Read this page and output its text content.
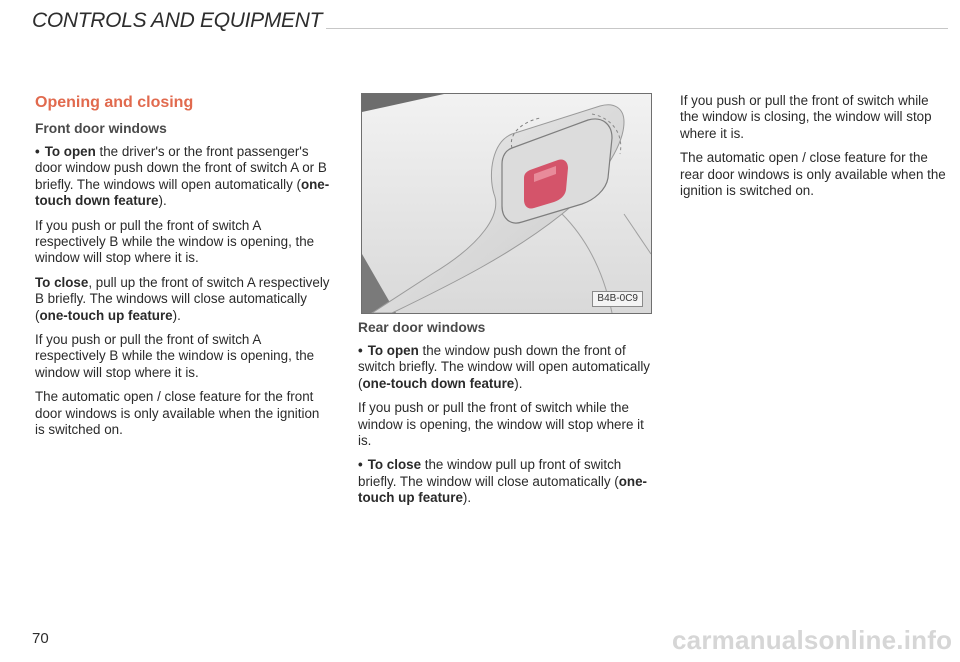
CONTROLS AND EQUIPMENT
Opening and closing
Front door windows

• To open the driver's or the front passenger's door window push down the front of switch A or B briefly. The windows will open automatically (one-touch down feature).

If you push or pull the front of switch A respectively B while the window is opening, the window will stop where it is.

To close, pull up the front of switch A respectively B briefly. The windows will close automatically (one-touch up feature).

If you push or pull the front of switch A respectively B while the window is opening, the window will stop where it is.

The automatic open / close feature for the front door windows is only available when the ignition is switched on.

B4B-0C9
Rear door windows

• To open the window push down the front of switch briefly. The window will open automatically (one-touch down feature).

If you push or pull the front of switch while the window is opening, the window will stop where it is.

• To close the window pull up front of switch briefly. The window will close automatically (one-touch up feature).

If you push or pull the front of switch while the window is closing, the window will stop where it is.

The automatic open / close feature for the rear door windows is only available when the ignition is switched on.

70	carmanualsonline.info
